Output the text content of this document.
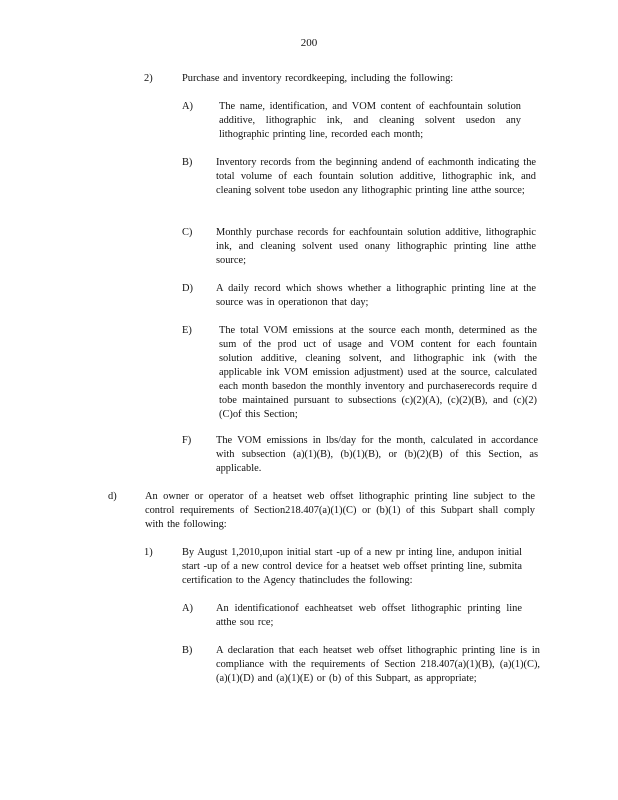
200
2)	Purchase and inventory recordkeeping, including the following:
A)	The name, identification, and VOM content of eachfountain solution additive, lithographic ink, and cleaning solvent usedon any lithographic printing line, recorded each month;
B) Inventory records from the beginning andend of eachmonth indicating the total volume of each fountain solution additive, lithographic ink, and cleaning solvent tobe usedon any lithographic printing line atthe source;
C) Monthly purchase records for eachfountain solution additive, lithographic ink, and cleaning solvent used onany lithographic printing line atthe source;
D) A daily record which shows whether a lithographic printing line at the source was in operationon that day;
E)	The total VOM emissions at the source each month, determined as the sum of the prod uct of usage and VOM content for each fountain solution additive, cleaning solvent, and lithographic ink (with the applicable ink VOM emission adjustment) used at the source, calculated each month basedon the monthly inventory and purchaserecords require d tobe maintained pursuant to subsections (c)(2)(A), (c)(2)(B), and (c)(2)(C)of this Section;
F) The VOM emissions in lbs/day for the month, calculated in accordance with subsection (a)(1)(B), (b)(1)(B), or (b)(2)(B) of this Section, as applicable.
d)	An owner or operator of a heatset web offset lithographic printing line subject to the control requirements of Section218.407(a)(1)(C) or (b)(1) of this Subpart shall comply with the following:
1)	By August 1,2010,upon initial start -up of a new pr inting line, andupon initial start -up of a new control device for a heatset web offset printing line, submita certification to the Agency thatincludes the following:
A) An identificationof eachheatset web offset lithographic printing line atthe sou rce;
B) A declaration that each heatset web offset lithographic printing line is in compliance with the requirements of Section 218.407(a)(1)(B), (a)(1)(C), (a)(1)(D) and (a)(1)(E) or (b) of this Subpart, as appropriate;
